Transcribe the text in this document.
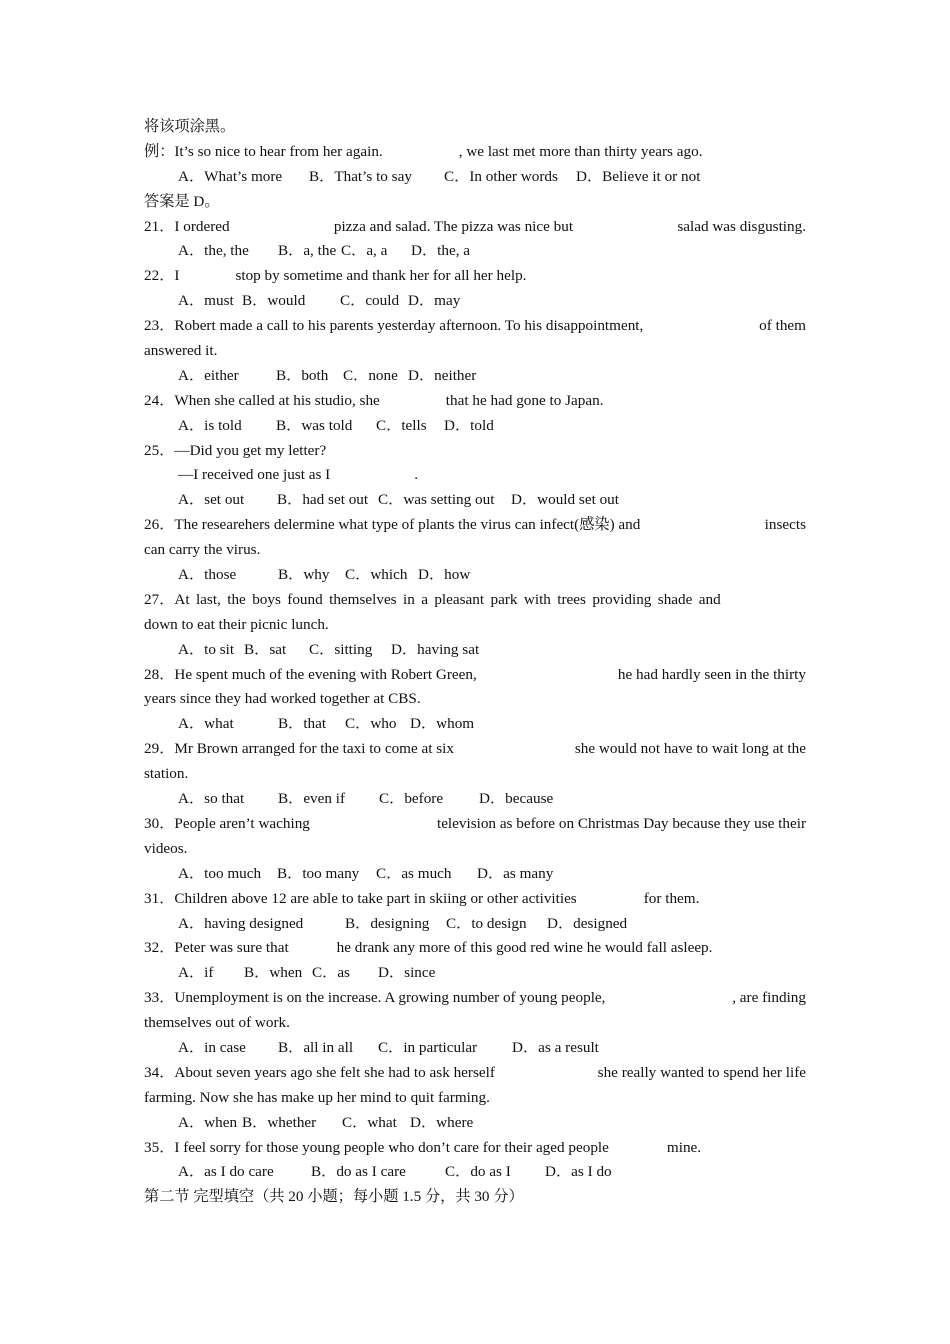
将该项涂黑。
例：It’s so nice to hear from her again.	, we last met more than thirty years ago.
A．What’s more B．That’s to say C．In other words D．Believe it or not
答案是 D。
21．I ordered	pizza and salad. The pizza was nice but	salad was disgusting.
A．the, the B．a, the C．a, a D．the, a
22．I	stop by sometime and thank her for all her help.
A．must B．would C．could D．may
23．Robert made a call to his parents yesterday afternoon. To his disappointment,	of them
answered it.
A．either B．both C．none D．neither
24．When she called at his studio, she	that he had gone to Japan.
A．is told B．was told C．tells D．told
25．—Did you get my letter?
—I received one just as I	.
A．set out B．had set out C．was setting out D．would set out
26．The researehers delermine what type of plants the virus can infect(感染) and	insects
can carry the virus.
A．those	B．why C．which D．how
27．At last, the boys found themselves in a pleasant park with trees providing shade and
down to eat their picnic lunch.
A．to sit B．sat C．sitting D．having sat
28．He spent much of the evening with Robert Green,	he had hardly seen in the thirty
years since they had worked together at CBS.
A．what	B．that C．who D．whom
29．Mr Brown arranged for the taxi to come at six	she would not have to wait long at the
station.
A．so that B．even if C．before D．because
30．People aren’t waching	television as before on Christmas Day because they use their
videos.
A．too much B．too many C．as much D．as many
31．Children above 12 are able to take part in skiing or other activities	for them.
A．having designed	B．designing C．to design D．designed
32．Peter was sure that	he drank any more of this good red wine he would fall asleep.
A．if B．when C．as D．since
33．Unemployment is on the increase. A growing number of young people,	, are finding
themselves out of work.
A．in case B．all in all C．in particular D．as a result
34．About seven years ago she felt she had to ask herself	she really wanted to spend her life
farming. Now she has make up her mind to quit farming.
A．when B．whether C．what D．where
35．I feel sorry for those young people who don’t care for their aged people	mine.
A．as I do care B．do as I care	C．do as I D．as I do
第二节 完型填空（共 20 小题；每小题 1.5 分，共 30 分）
